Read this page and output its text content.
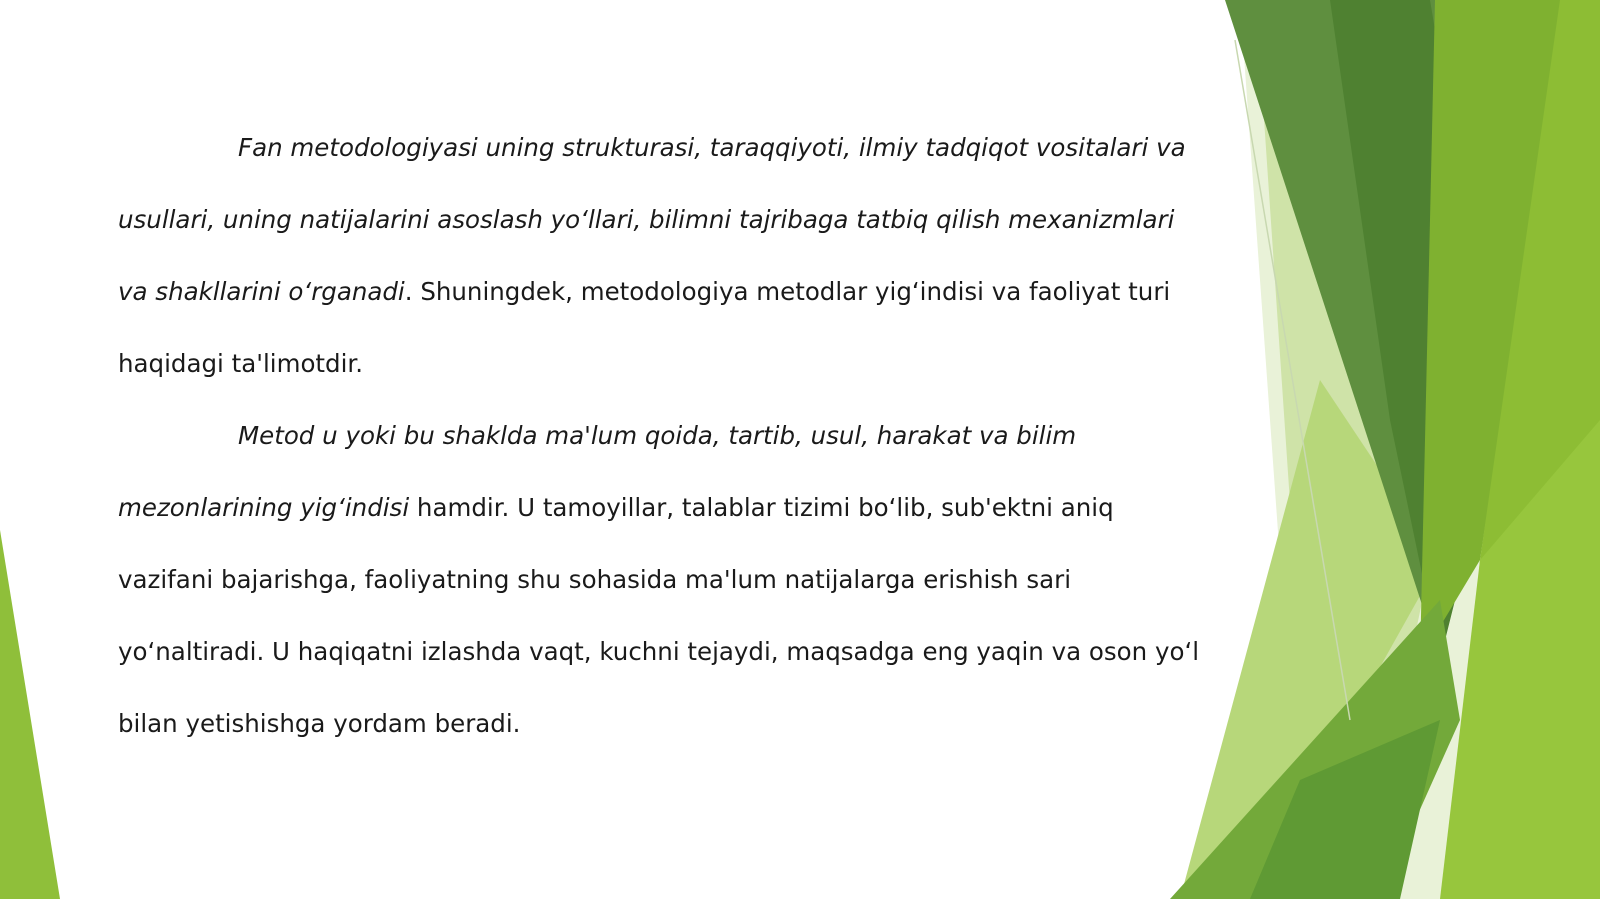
Fan metodologiyasi uning strukturasi, taraqqiyoti, ilmiy tadqiqot vositalari va usullari, uning natijalarini asoslash yo‘llari, bilimni tajribaga tatbiq qilish mexanizmlari va shakllarini o‘rganadi. Shuningdek, metodologiya metodlar yig‘indisi va faoliyat turi haqidagi ta'limotdir.

Metod u yoki bu shaklda ma'lum qoida, tartib, usul, harakat va bilim mezonlarining yig‘indisi hamdir. U tamoyillar, talablar tizimi bo‘lib, sub'ektni aniq vazifani bajarishga, faoliyatning shu sohasida ma'lum natijalarga erishish sari yo‘naltiradi. U haqiqatni izlashda vaqt, kuchni tejaydi, maqsadga eng yaqin va oson yo‘l bilan yetishishga yordam beradi.
